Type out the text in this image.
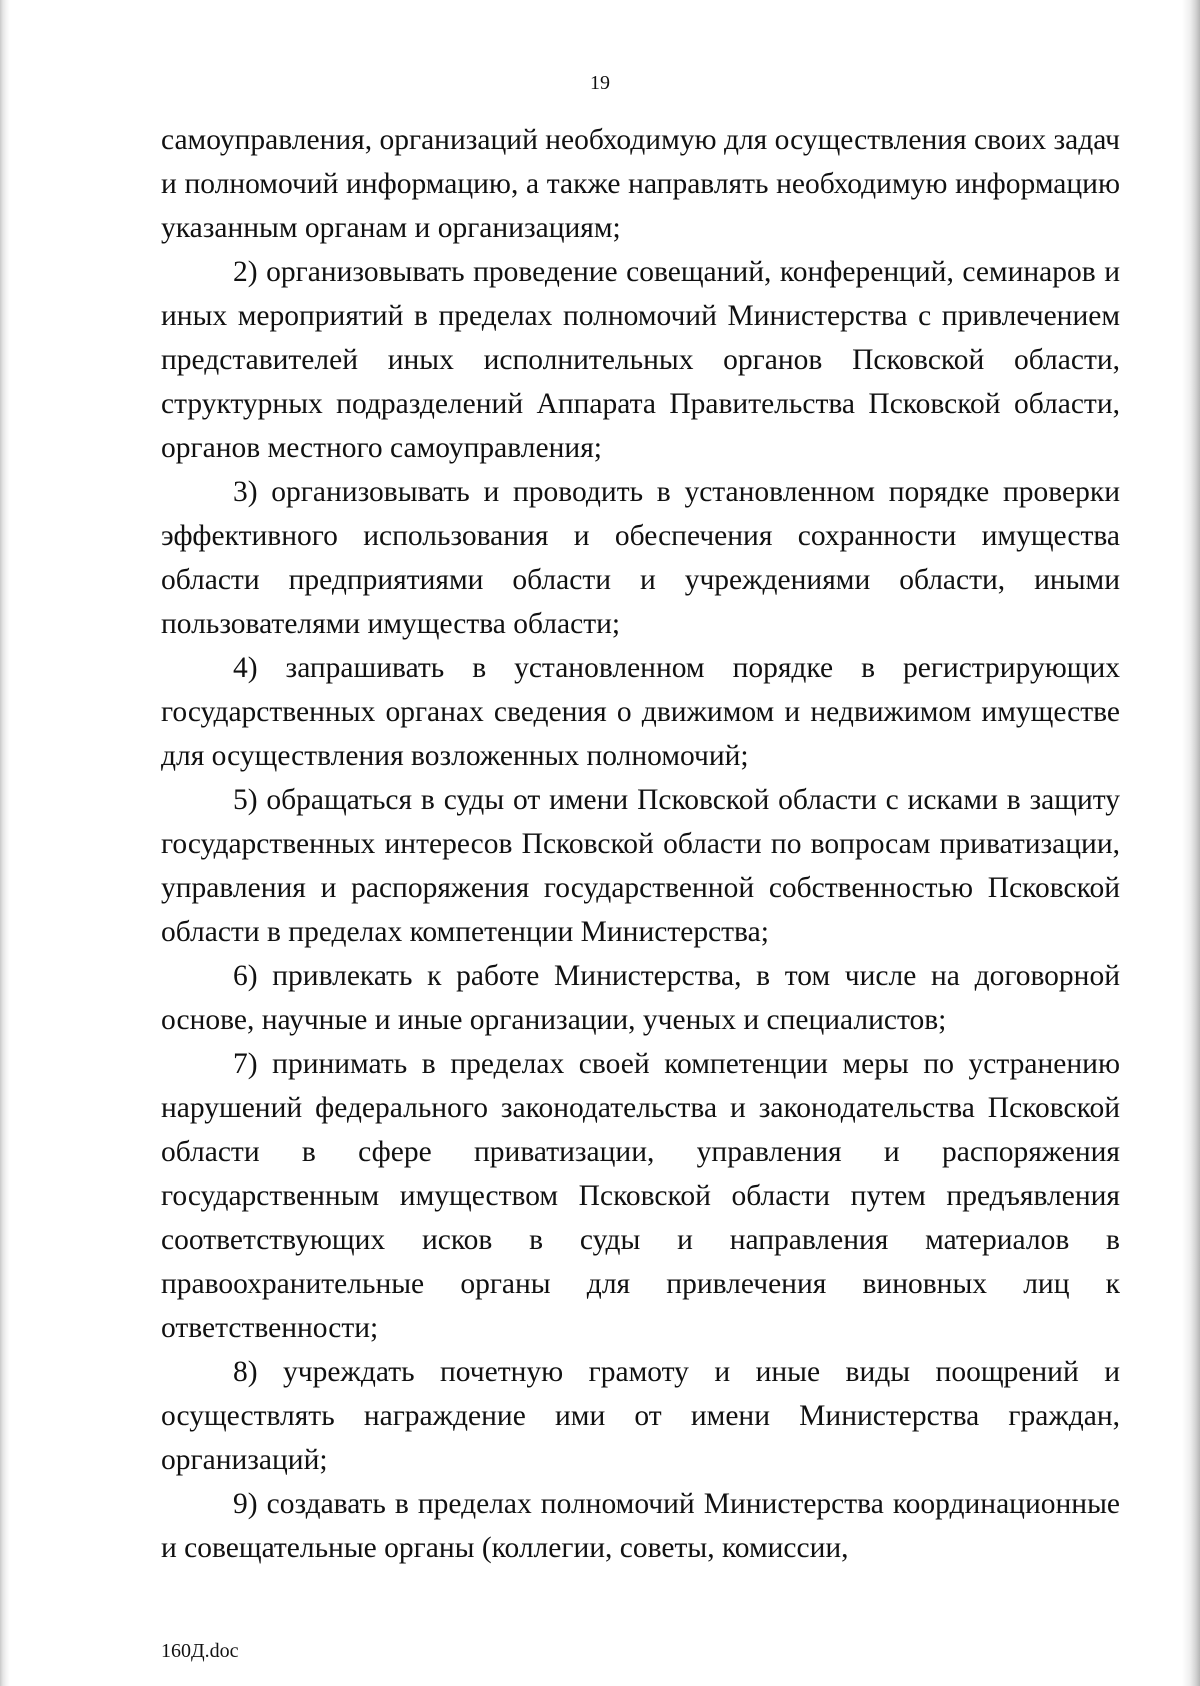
19

самоуправления, организаций необходимую для осуществления своих задач и полномочий информацию, а также направлять необходимую информацию указанным органам и организациям;

2) организовывать проведение совещаний, конференций, семинаров и иных мероприятий в пределах полномочий Министерства с привлечением представителей иных исполнительных органов Псковской области, структурных подразделений Аппарата Правительства Псковской области, органов местного самоуправления;

3) организовывать и проводить в установленном порядке проверки эффективного использования и обеспечения сохранности имущества области предприятиями области и учреждениями области, иными пользователями имущества области;

4) запрашивать в установленном порядке в регистрирующих государственных органах сведения о движимом и недвижимом имуществе для осуществления возложенных полномочий;

5) обращаться в суды от имени Псковской области с исками в защиту государственных интересов Псковской области по вопросам приватизации, управления и распоряжения государственной собственностью Псковской области в пределах компетенции Министерства;

6) привлекать к работе Министерства, в том числе на договорной основе, научные и иные организации, ученых и специалистов;

7) принимать в пределах своей компетенции меры по устранению нарушений федерального законодательства и законодательства Псковской области в сфере приватизации, управления и распоряжения государственным имуществом Псковской области путем предъявления соответствующих исков в суды и направления материалов в правоохранительные органы для привлечения виновных лиц к ответственности;

8) учреждать почетную грамоту и иные виды поощрений и осуществлять награждение ими от имени Министерства граждан, организаций;

9) создавать в пределах полномочий Министерства координационные и совещательные органы (коллегии, советы, комиссии,

160Д.doc
